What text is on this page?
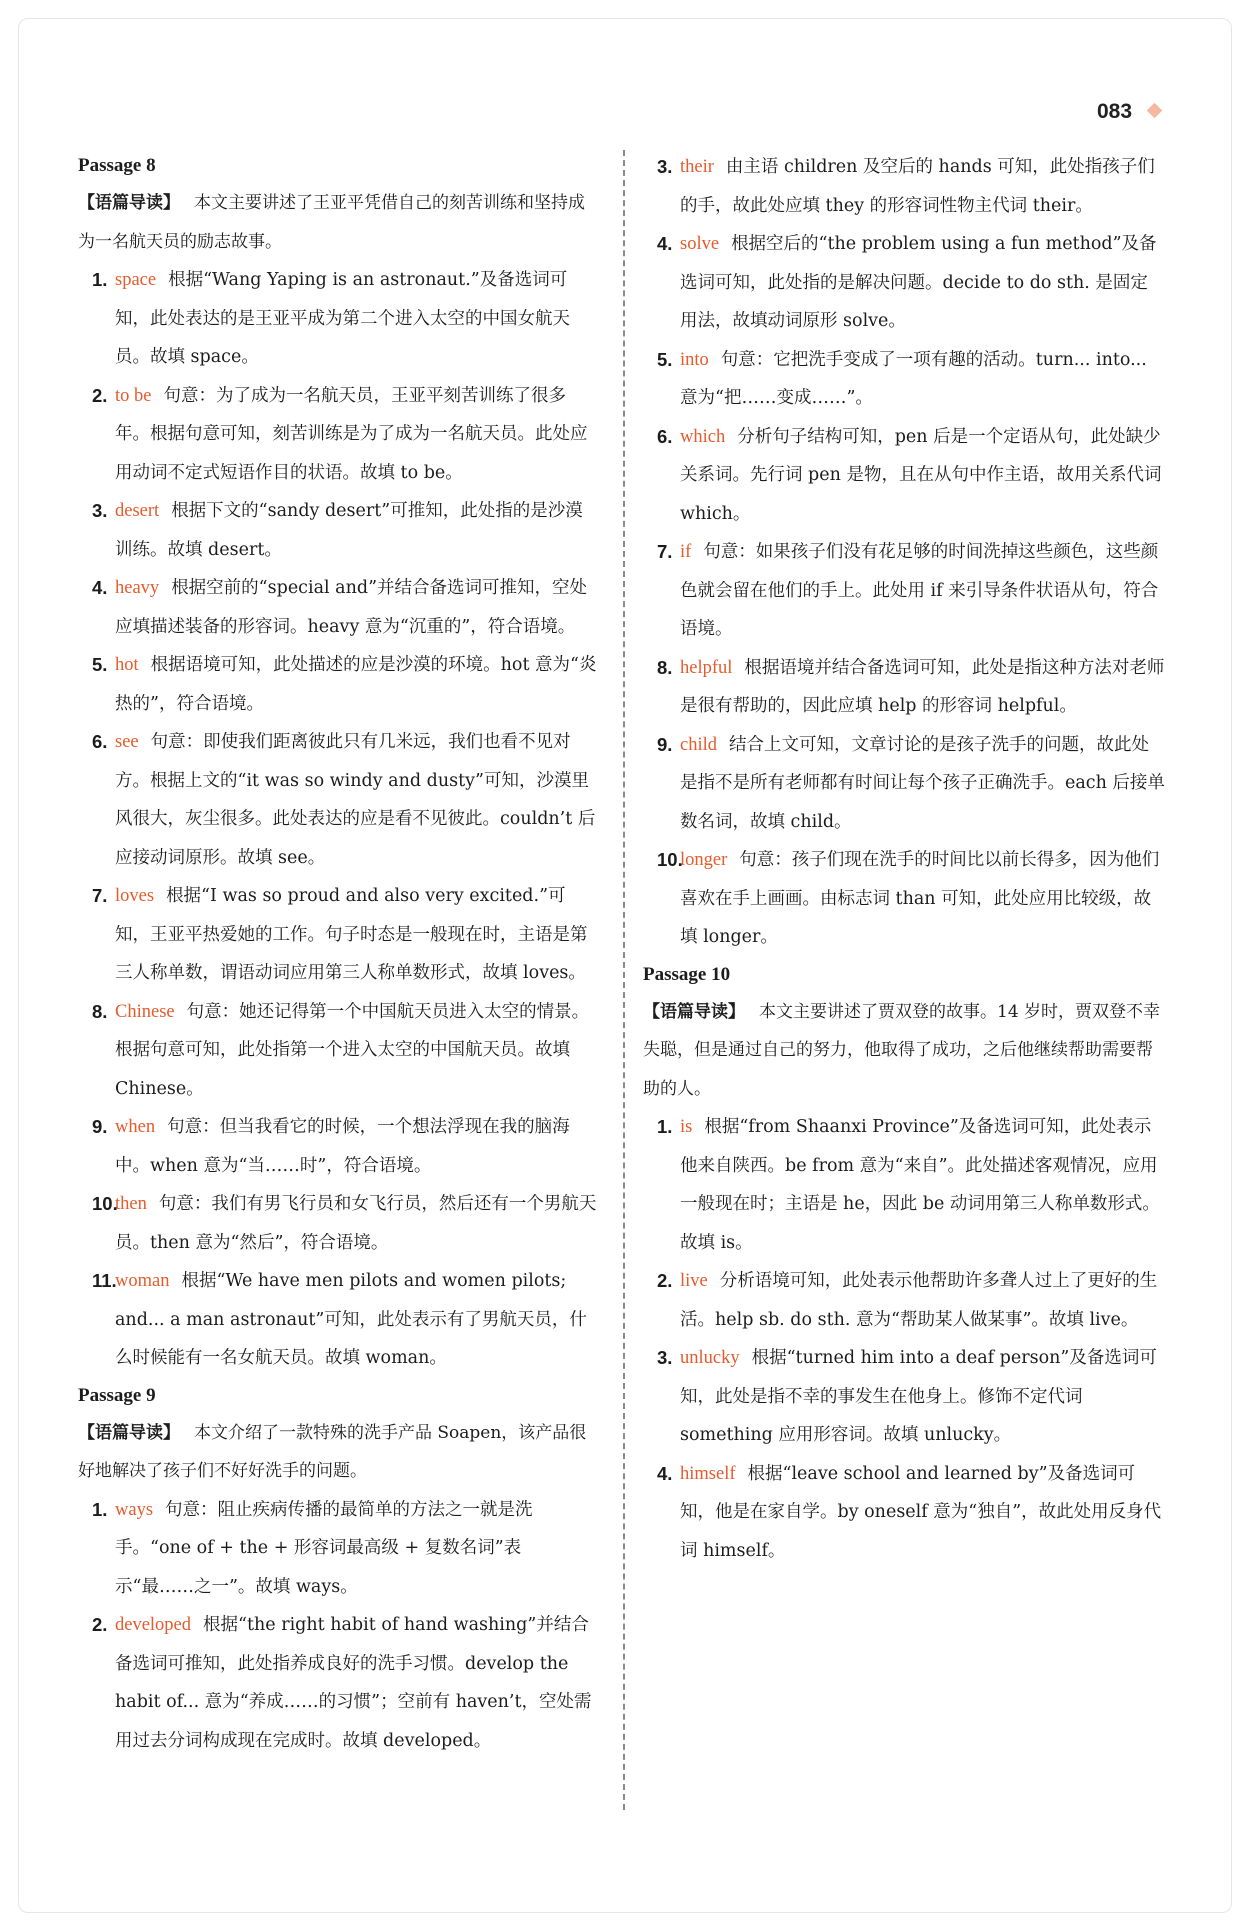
083
Passage 8
【语篇导读】 本文主要讲述了王亚平凭借自己的刻苦训练和坚持成为一名航天员的励志故事。
1. space 根据“Wang Yaping is an astronaut.”及备选词可知，此处表达的是王亚平成为第二个进入太空的中国女航天员。故填 space。
2. to be 句意：为了成为一名航天员，王亚平刻苦训练了很多年。根据句意可知，刻苦训练是为了成为一名航天员。此处应用动词不定式短语作目的状语。故填 to be。
3. desert 根据下文的“sandy desert”可推知，此处指的是沙漠训练。故填 desert。
4. heavy 根据空前的“special and”并结合备选词可推知，空处应填描述装备的形容词。heavy 意为“沉重的”，符合语境。
5. hot 根据语境可知，此处描述的应是沙漠的环境。hot 意为“炎热的”，符合语境。
6. see 句意：即使我们距离彼此只有几米远，我们也看不见对方。根据上文的“it was so windy and dusty”可知，沙漠里风很大，灰尘很多。此处表达的应是看不见彼此。couldn’t 后应接动词原形。故填 see。
7. loves 根据“I was so proud and also very excited.”可知，王亚平热爱她的工作。句子时态是一般现在时，主语是第三人称单数，谓语动词应用第三人称单数形式，故填 loves。
8. Chinese 句意：她还记得第一个中国航天员进入太空的情景。根据句意可知，此处指第一个进入太空的中国航天员。故填 Chinese。
9. when 句意：但当我看它的时候，一个想法浮现在我的脑海中。when 意为“当……时”，符合语境。
10.
then 句意：我们有男飞行员和女飞行员，然后还有一个男航天员。then 意为“然后”，符合语境。
11.
woman 根据“We have men pilots and women pilots; and... a man astronaut”可知，此处表示有了男航天员，什么时候能有一名女航天员。故填 woman。
Passage 9
【语篇导读】 本文介绍了一款特殊的洗手产品 Soapen，该产品很好地解决了孩子们不好好洗手的问题。
1. ways 句意：阻止疾病传播的最简单的方法之一就是洗手。“one of + the + 形容词最高级 + 复数名词”表示“最……之一”。故填 ways。
2. developed 根据“the right habit of hand washing”并结合备选词可推知，此处指养成良好的洗手习惯。develop the habit of... 意为“养成……的习惯”；空前有 haven’t，空处需用过去分词构成现在完成时。故填 developed。
3. their 由主语 children 及空后的 hands 可知，此处指孩子们的手，故此处应填 they 的形容词性物主代词 their。
4. solve 根据空后的“the problem using a fun method”及备选词可知，此处指的是解决问题。decide to do sth. 是固定用法，故填动词原形 solve。
5. into 句意：它把洗手变成了一项有趣的活动。turn... into... 意为“把……变成……”。
6. which 分析句子结构可知，pen 后是一个定语从句，此处缺少关系词。先行词 pen 是物，且在从句中作主语，故用关系代词 which。
7. if 句意：如果孩子们没有花足够的时间洗掉这些颜色，这些颜色就会留在他们的手上。此处用 if 来引导条件状语从句，符合语境。
8. helpful 根据语境并结合备选词可知，此处是指这种方法对老师是很有帮助的，因此应填 help 的形容词 helpful。
9. child 结合上文可知，文章讨论的是孩子洗手的问题，故此处是指不是所有老师都有时间让每个孩子正确洗手。each 后接单数名词，故填 child。
10.
longer 句意：孩子们现在洗手的时间比以前长得多，因为他们喜欢在手上画画。由标志词 than 可知，此处应用比较级，故填 longer。
Passage 10
【语篇导读】 本文主要讲述了贾双登的故事。14 岁时，贾双登不幸失聪，但是通过自己的努力，他取得了成功，之后他继续帮助需要帮助的人。
1. is 根据“from Shaanxi Province”及备选词可知，此处表示他来自陕西。be from 意为“来自”。此处描述客观情况，应用一般现在时；主语是 he，因此 be 动词用第三人称单数形式。故填 is。
2. live 分析语境可知，此处表示他帮助许多聋人过上了更好的生活。help sb. do sth. 意为“帮助某人做某事”。故填 live。
3. unlucky 根据“turned him into a deaf person”及备选词可知，此处是指不幸的事发生在他身上。修饰不定代词 something 应用形容词。故填 unlucky。
4. himself 根据“leave school and learned by”及备选词可知，他是在家自学。by oneself 意为“独自”，故此处用反身代词 himself。
